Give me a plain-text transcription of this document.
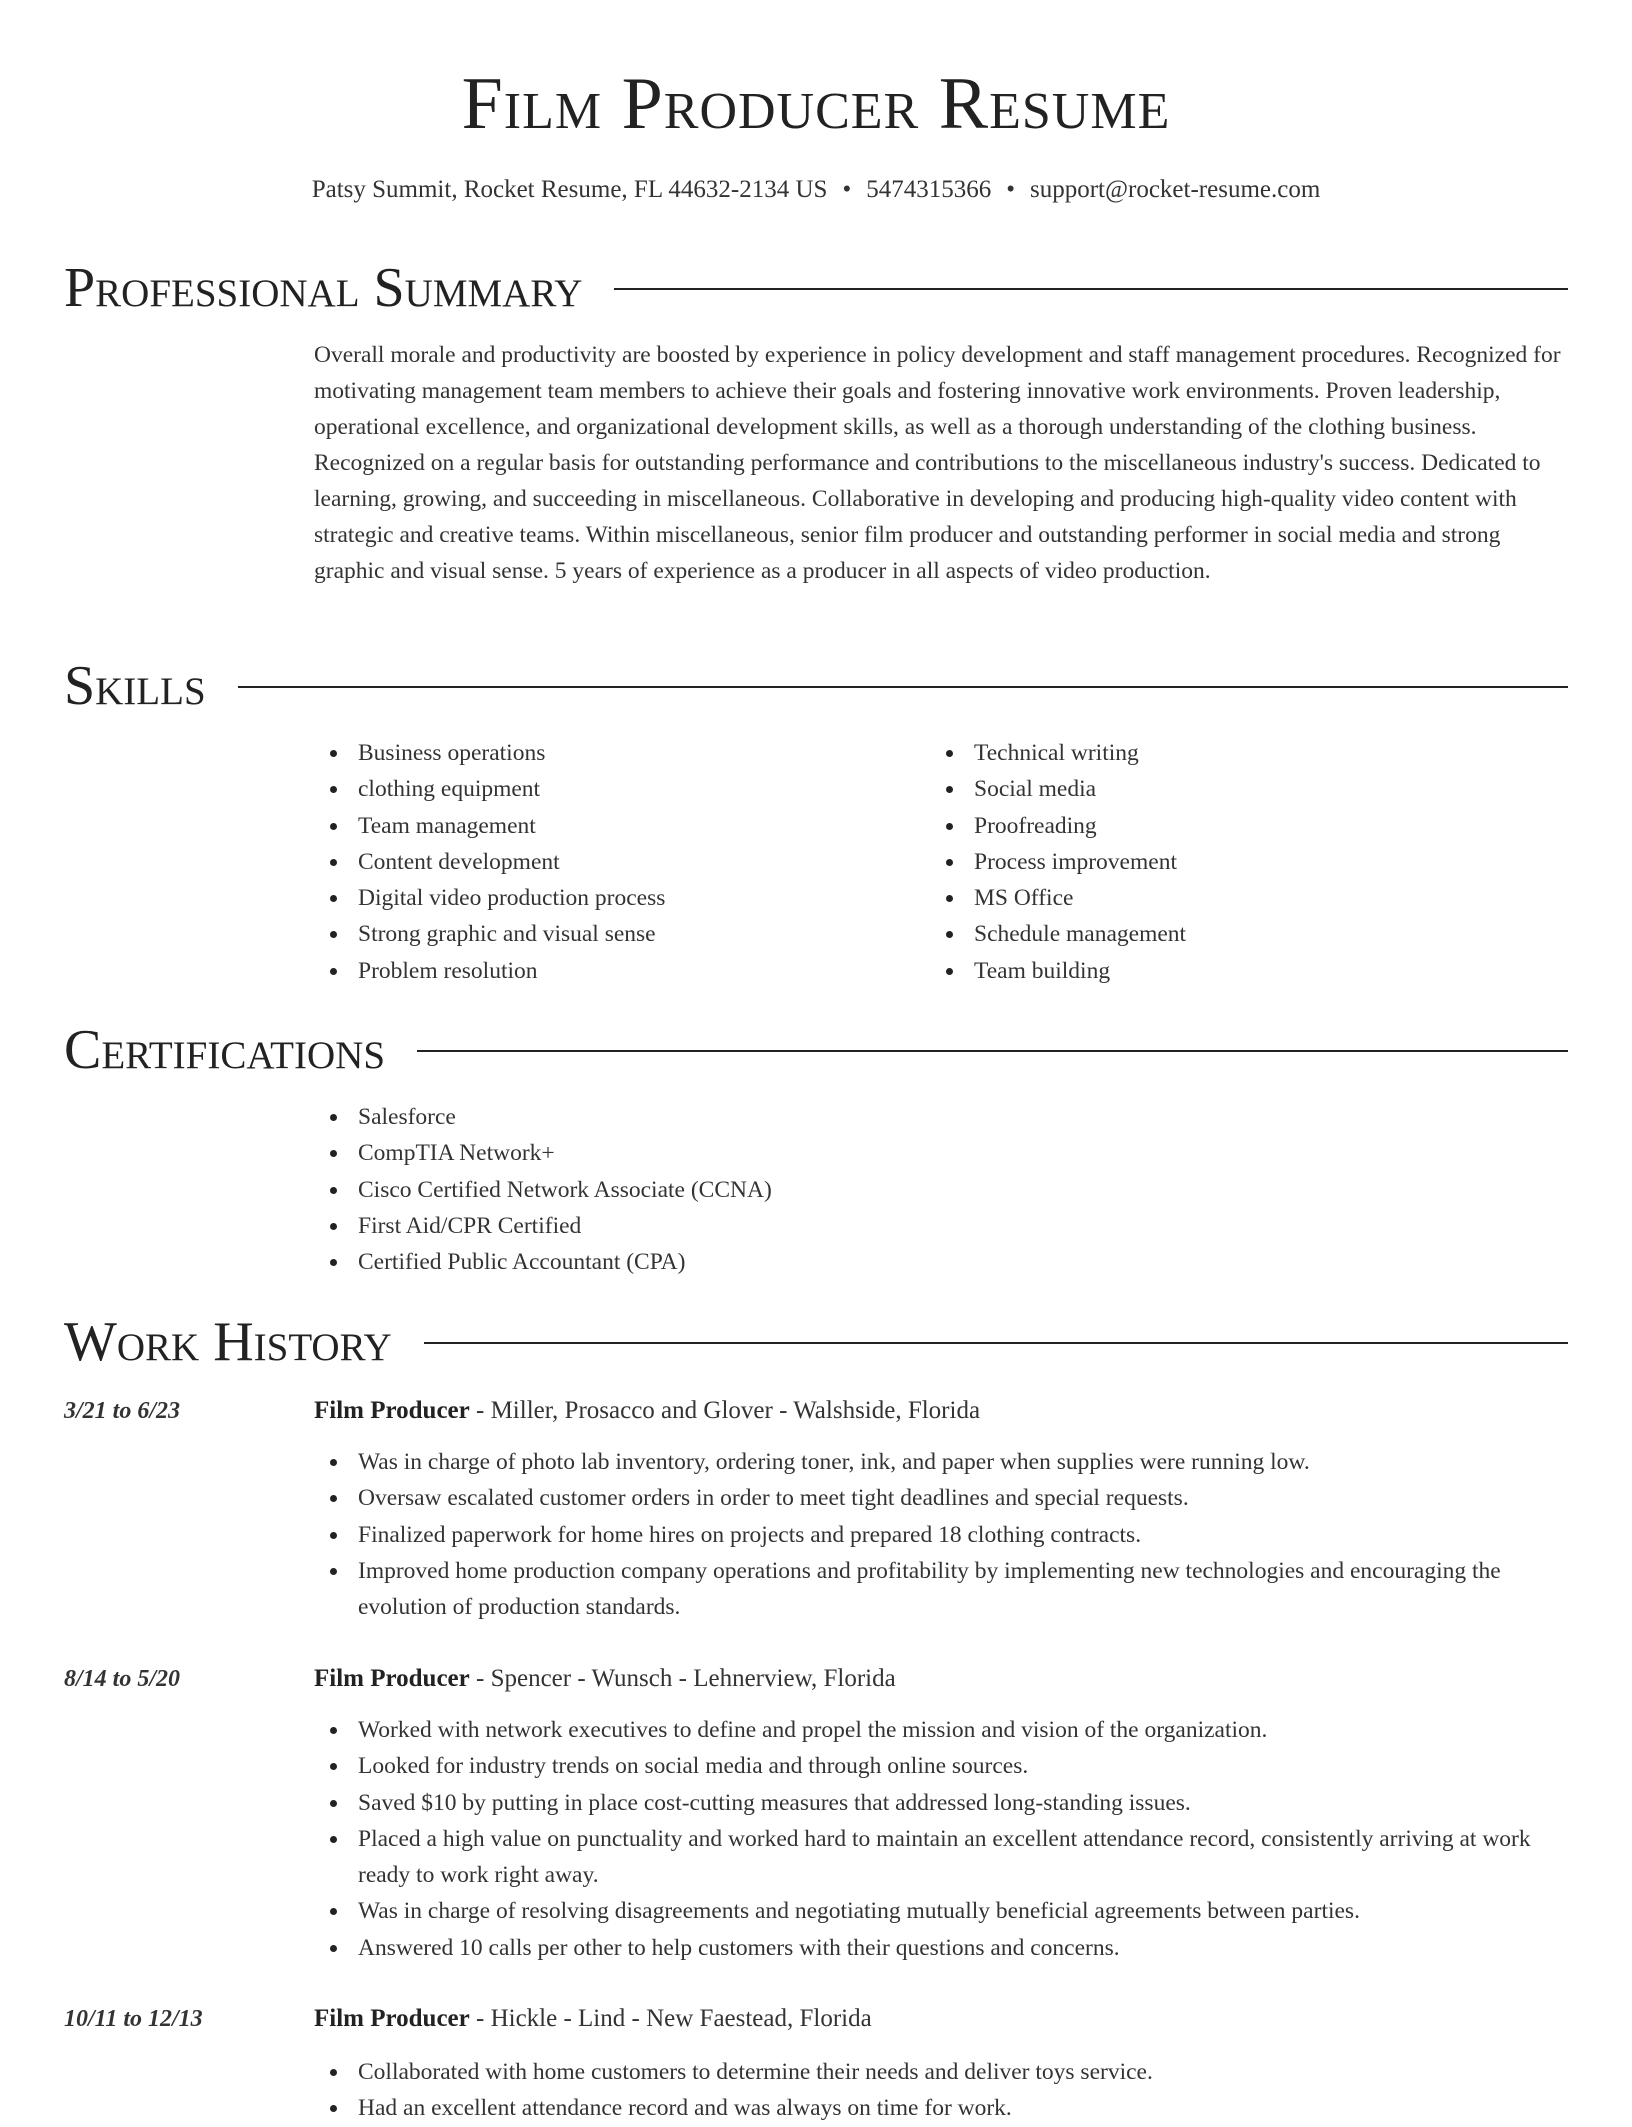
Film Producer Resume
Patsy Summit, Rocket Resume, FL 44632-2134 US • 5474315366 • support@rocket-resume.com
Professional Summary
Overall morale and productivity are boosted by experience in policy development and staff management procedures. Recognized for motivating management team members to achieve their goals and fostering innovative work environments. Proven leadership, operational excellence, and organizational development skills, as well as a thorough understanding of the clothing business. Recognized on a regular basis for outstanding performance and contributions to the miscellaneous industry's success. Dedicated to learning, growing, and succeeding in miscellaneous. Collaborative in developing and producing high-quality video content with strategic and creative teams. Within miscellaneous, senior film producer and outstanding performer in social media and strong graphic and visual sense. 5 years of experience as a producer in all aspects of video production.
Skills
Business operations
clothing equipment
Team management
Content development
Digital video production process
Strong graphic and visual sense
Problem resolution
Technical writing
Social media
Proofreading
Process improvement
MS Office
Schedule management
Team building
Certifications
Salesforce
CompTIA Network+
Cisco Certified Network Associate (CCNA)
First Aid/CPR Certified
Certified Public Accountant (CPA)
Work History
3/21 to 6/23	Film Producer - Miller, Prosacco and Glover - Walshside, Florida
Was in charge of photo lab inventory, ordering toner, ink, and paper when supplies were running low.
Oversaw escalated customer orders in order to meet tight deadlines and special requests.
Finalized paperwork for home hires on projects and prepared 18 clothing contracts.
Improved home production company operations and profitability by implementing new technologies and encouraging the evolution of production standards.
8/14 to 5/20	Film Producer - Spencer - Wunsch - Lehnerview, Florida
Worked with network executives to define and propel the mission and vision of the organization.
Looked for industry trends on social media and through online sources.
Saved $10 by putting in place cost-cutting measures that addressed long-standing issues.
Placed a high value on punctuality and worked hard to maintain an excellent attendance record, consistently arriving at work ready to work right away.
Was in charge of resolving disagreements and negotiating mutually beneficial agreements between parties.
Answered 10 calls per other to help customers with their questions and concerns.
10/11 to 12/13	Film Producer - Hickle - Lind - New Faestead, Florida
Collaborated with home customers to determine their needs and deliver toys service.
Had an excellent attendance record and was always on time for work.
